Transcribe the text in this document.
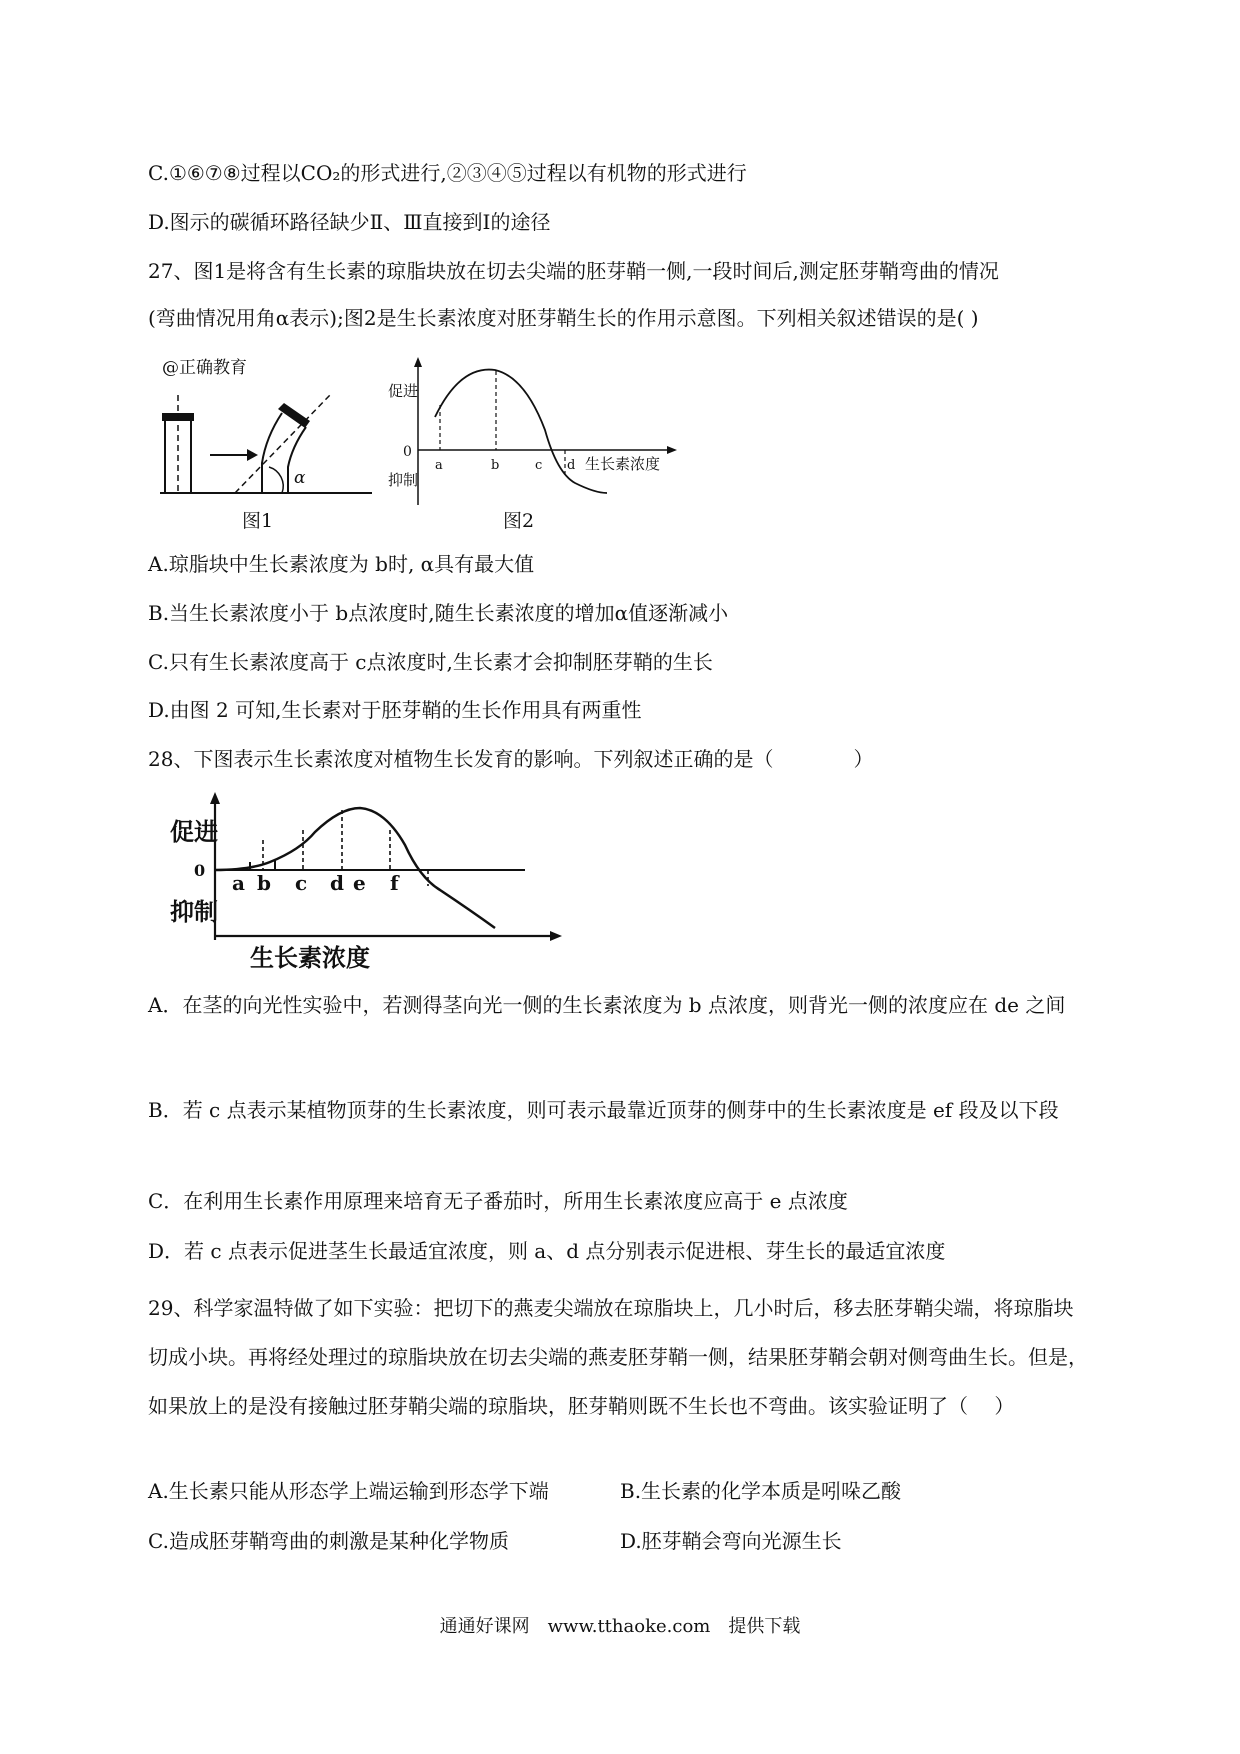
C.①⑥⑦⑧过程以CO₂的形式进行,②③④⑤过程以有机物的形式进行
D.图示的碳循环路径缺少Ⅱ、Ⅲ直接到Ⅰ的途径
27、图1是将含有生长素的琼脂块放在切去尖端的胚芽鞘一侧,一段时间后,测定胚芽鞘弯曲的情况
(弯曲情况用角α表示);图2是生长素浓度对胚芽鞘生长的作用示意图。下列相关叙述错误的是( )
@正确教育
α
图1
促进
0
抑制
a	b	c d 生长素浓度
图2
A.琼脂块中生长素浓度为 b时, α具有最大值
B.当生长素浓度小于 b点浓度时,随生长素浓度的增加α值逐渐减小
C.只有生长素浓度高于 c点浓度时,生长素才会抑制胚芽鞘的生长
D.由图 2 可知,生长素对于胚芽鞘的生长作用具有两重性
28、下图表示生长素浓度对植物生长发育的影响。下列叙述正确的是（　　　　）
促进
0
抑制
a b c d e f
生长素浓度
A．在茎的向光性实验中，若测得茎向光一侧的生长素浓度为 b 点浓度，则背光一侧的浓度应在 de 之间
B．若 c 点表示某植物顶芽的生长素浓度，则可表示最靠近顶芽的侧芽中的生长素浓度是 ef 段及以下段
C．在利用生长素作用原理来培育无子番茄时，所用生长素浓度应高于 e 点浓度
D．若 c 点表示促进茎生长最适宜浓度，则 a、d 点分别表示促进根、芽生长的最适宜浓度
29、科学家温特做了如下实验：把切下的燕麦尖端放在琼脂块上，几小时后，移去胚芽鞘尖端，将琼脂块切成小块。再将经处理过的琼脂块放在切去尖端的燕麦胚芽鞘一侧，结果胚芽鞘会朝对侧弯曲生长。但是，如果放上的是没有接触过胚芽鞘尖端的琼脂块，胚芽鞘则既不生长也不弯曲。该实验证明了（　 ）
A.生长素只能从形态学上端运输到形态学下端	B.生长素的化学本质是吲哚乙酸
C.造成胚芽鞘弯曲的刺激是某种化学物质	D.胚芽鞘会弯向光源生长
通通好课网　www.tthaoke.com　提供下载
